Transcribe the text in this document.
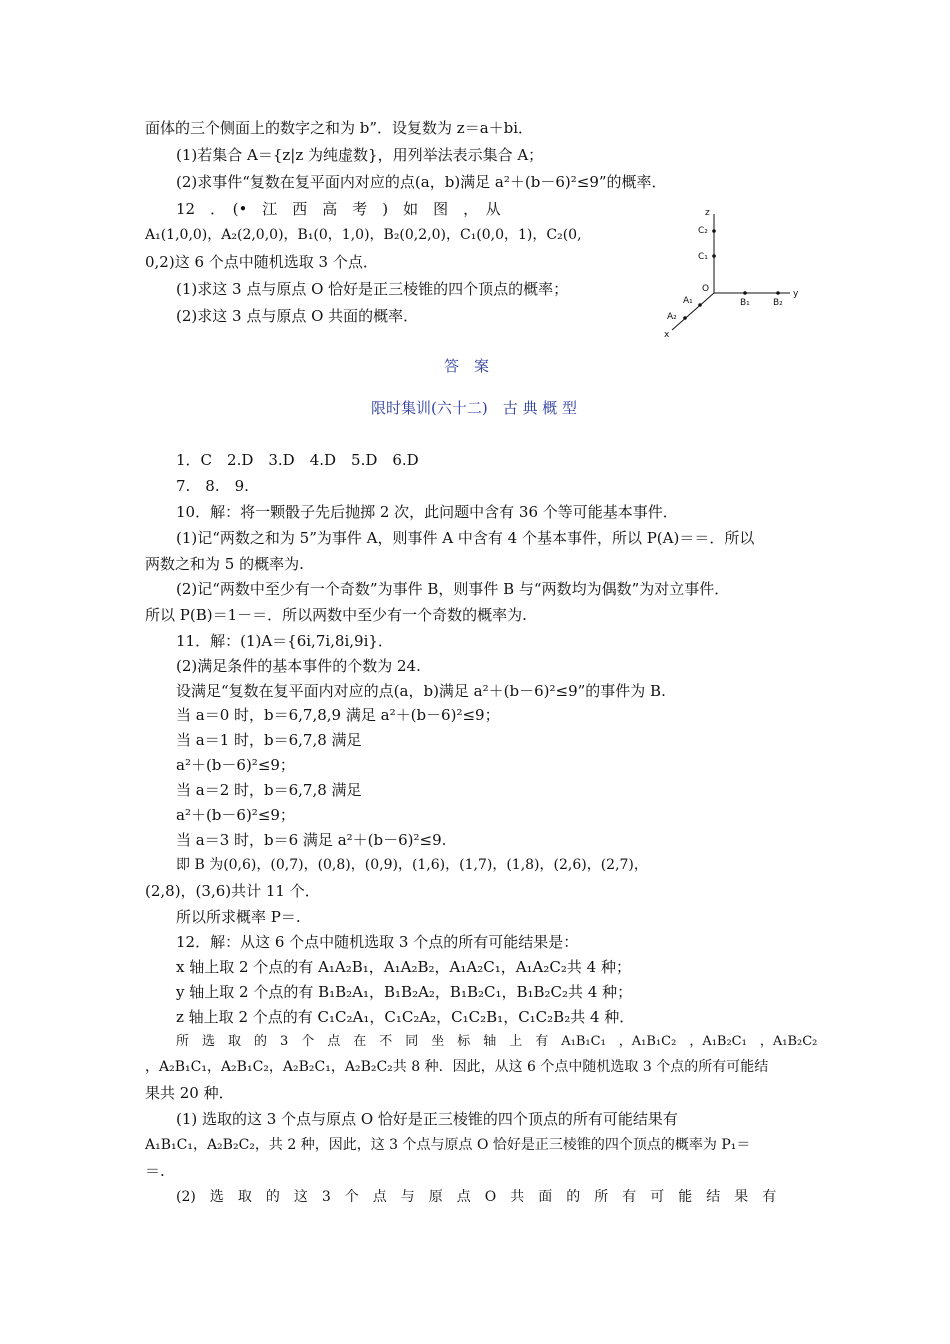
面体的三个侧面上的数字之和为 b”．设复数为 z＝a＋bi．
(1)若集合 A＝{z|z 为纯虚数}，用列举法表示集合 A；
(2)求事件“复数在复平面内对应的点(a，b)满足 a²＋(b－6)²≤9”的概率．
12　．　(•　江　西　高　考　)　如　图　，　从
A₁(1,0,0)，A₂(2,0,0)，B₁(0，1,0)，B₂(0,2,0)，C₁(0,0，1)，C₂(0,
0,2)这 6 个点中随机选取 3 个点．
(1)求这 3 点与原点 O 恰好是正三棱锥的四个顶点的概率；
(2)求这 3 点与原点 O 共面的概率．
z
C₂
C₁
O
A₁	B₁	B₂
y
A₂
x
答　案
限时集训(六十二)　古 典 概 型
1．C　2.D　3.D　4.D　5.D　6.D
7.　8.　9.
10．解：将一颗骰子先后抛掷 2 次，此问题中含有 36 个等可能基本事件．
(1)记“两数之和为 5”为事件 A，则事件 A 中含有 4 个基本事件，所以 P(A)＝＝．所以
两数之和为 5 的概率为.
(2)记“两数中至少有一个奇数”为事件 B，则事件 B 与“两数均为偶数”为对立事件．
所以 P(B)＝1－＝．所以两数中至少有一个奇数的概率为.
11．解：(1)A＝{6i,7i,8i,9i}．
(2)满足条件的基本事件的个数为 24.
设满足“复数在复平面内对应的点(a，b)满足 a²＋(b－6)²≤9”的事件为 B.
当 a＝0 时，b＝6,7,8,9 满足 a²＋(b－6)²≤9；
当 a＝1 时，b＝6,7,8 满足
a²＋(b－6)²≤9；
当 a＝2 时，b＝6,7,8 满足
a²＋(b－6)²≤9；
当 a＝3 时，b＝6 满足 a²＋(b－6)²≤9.
即 B 为(0,6)，(0,7)，(0,8)，(0,9)，(1,6)，(1,7)，(1,8)，(2,6)，(2,7)，
(2,8)，(3,6)共计 11 个．
所以所求概率 P＝.
12．解：从这 6 个点中随机选取 3 个点的所有可能结果是：
x 轴上取 2 个点的有 A₁A₂B₁，A₁A₂B₂，A₁A₂C₁，A₁A₂C₂共 4 种；
y 轴上取 2 个点的有 B₁B₂A₁，B₁B₂A₂，B₁B₂C₁，B₁B₂C₂共 4 种；
z 轴上取 2 个点的有 C₁C₂A₁，C₁C₂A₂，C₁C₂B₁，C₁C₂B₂共 4 种．
所　选　取　的　3　个　点　在　不　同　坐　标　轴　上　有　A₁B₁C₁　，A₁B₁C₂　，A₁B₂C₁　，A₁B₂C₂
，A₂B₁C₁，A₂B₁C₂，A₂B₂C₁，A₂B₂C₂共 8 种．因此，从这 6 个点中随机选取 3 个点的所有可能结
果共 20 种．
(1) 选取的这 3 个点与原点 O 恰好是正三棱锥的四个顶点的所有可能结果有
A₁B₁C₁，A₂B₂C₂，共 2 种，因此，这 3 个点与原点 O 恰好是正三棱锥的四个顶点的概率为 P₁＝
＝.
(2)　选　取　的　这　3　个　点　与　原　点　O　共　面　的　所　有　可　能　结　果　有
